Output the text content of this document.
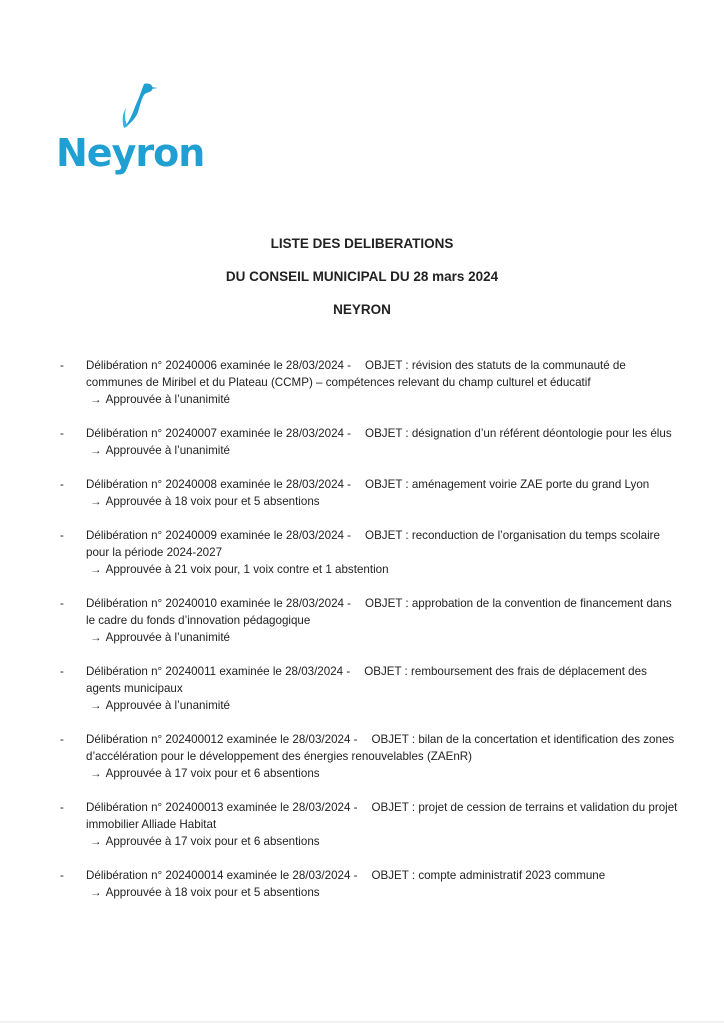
Neyron
LISTE DES DELIBERATIONS
DU CONSEIL MUNICIPAL DU 28 mars 2024
NEYRON
- Délibération n° 20240006 examinée le 28/03/2024 - OBJET : révision des statuts de la communauté de communes de Miribel et du Plateau (CCMP) – compétences relevant du champ culturel et éducatif
→ Approuvée à l’unanimité
- Délibération n° 20240007 examinée le 28/03/2024 - OBJET : désignation d’un référent déontologie pour les élus
→ Approuvée à l’unanimité
- Délibération n° 20240008 examinée le 28/03/2024 - OBJET : aménagement voirie ZAE porte du grand Lyon
→ Approuvée à 18 voix pour et 5 absentions
- Délibération n° 20240009 examinée le 28/03/2024 - OBJET : reconduction de l’organisation du temps scolaire pour la période 2024-2027
→ Approuvée à 21 voix pour, 1 voix contre et 1 abstention
- Délibération n° 20240010 examinée le 28/03/2024 - OBJET : approbation de la convention de financement dans le cadre du fonds d’innovation pédagogique
→ Approuvée à l’unanimité
- Délibération n° 20240011 examinée le 28/03/2024 - OBJET : remboursement des frais de déplacement des agents municipaux
→ Approuvée à l’unanimité
- Délibération n° 202400012 examinée le 28/03/2024 - OBJET : bilan de la concertation et identification des zones d’accélération pour le développement des énergies renouvelables (ZAEnR)
→ Approuvée à 17 voix pour et 6 absentions
- Délibération n° 202400013 examinée le 28/03/2024 - OBJET : projet de cession de terrains et validation du projet immobilier Alliade Habitat
→ Approuvée à 17 voix pour et 6 absentions
- Délibération n° 202400014 examinée le 28/03/2024 - OBJET : compte administratif 2023 commune
→ Approuvée à 18 voix pour et 5 absentions
